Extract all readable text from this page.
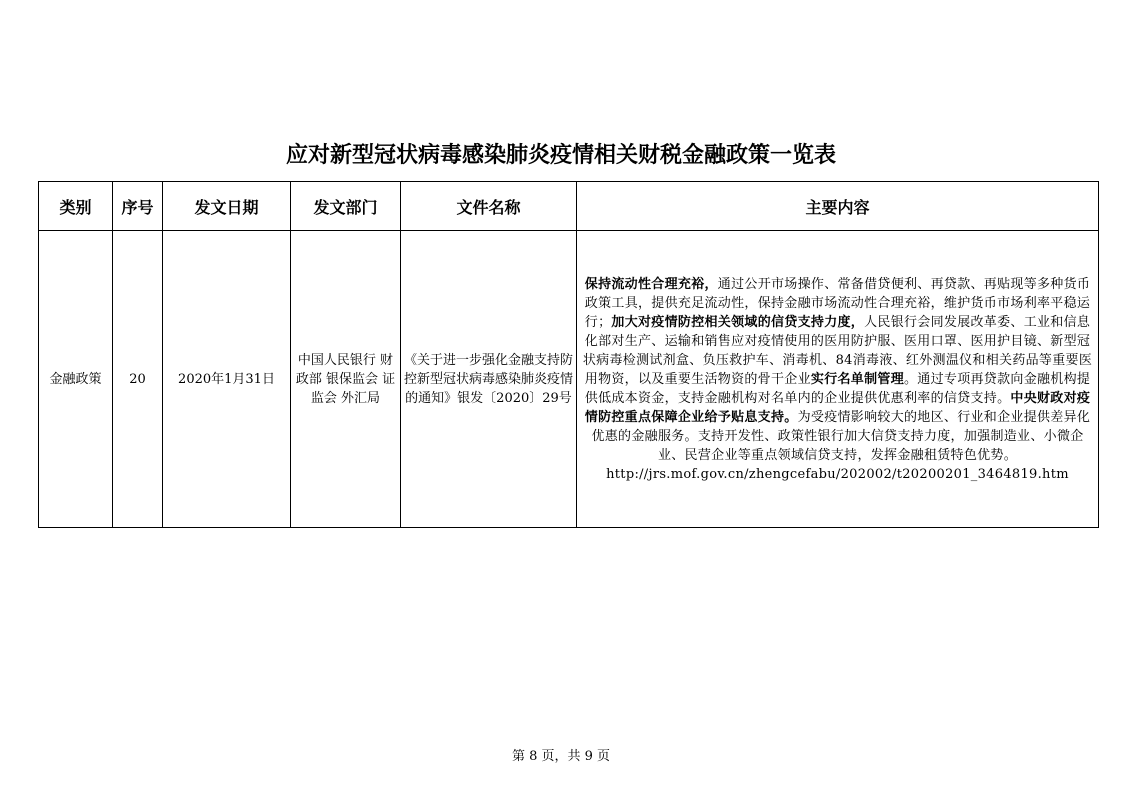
应对新型冠状病毒感染肺炎疫情相关财税金融政策一览表
类别	序号	发文日期	发文部门	文件名称	主要内容
金融政策	20	2020年1月31日	中国人民银行 财政部 银保监会 证监会 外汇局	《关于进一步强化金融支持防控新型冠状病毒感染肺炎疫情的通知》银发〔2020〕29号	保持流动性合理充裕，通过公开市场操作、常备借贷便利、再贷款、再贴现等多种货币政策工具，提供充足流动性，保持金融市场流动性合理充裕，维护货币市场利率平稳运行；加大对疫情防控相关领域的信贷支持力度，人民银行会同发展改革委、工业和信息化部对生产、运输和销售应对疫情使用的医用防护服、医用口罩、医用护目镜、新型冠状病毒检测试剂盒、负压救护车、消毒机、84消毒液、红外测温仪和相关药品等重要医用物资，以及重要生活物资的骨干企业实行名单制管理。通过专项再贷款向金融机构提供低成本资金，支持金融机构对名单内的企业提供优惠利率的信贷支持。中央财政对疫情防控重点保障企业给予贴息支持。为受疫情影响较大的地区、行业和企业提供差异化优惠的金融服务。支持开发性、政策性银行加大信贷支持力度，加强制造业、小微企业、民营企业等重点领域信贷支持，发挥金融租赁特色优势。
http://jrs.mof.gov.cn/zhengcefabu/202002/t20200201_3464819.htm
第 8 页，共 9 页
